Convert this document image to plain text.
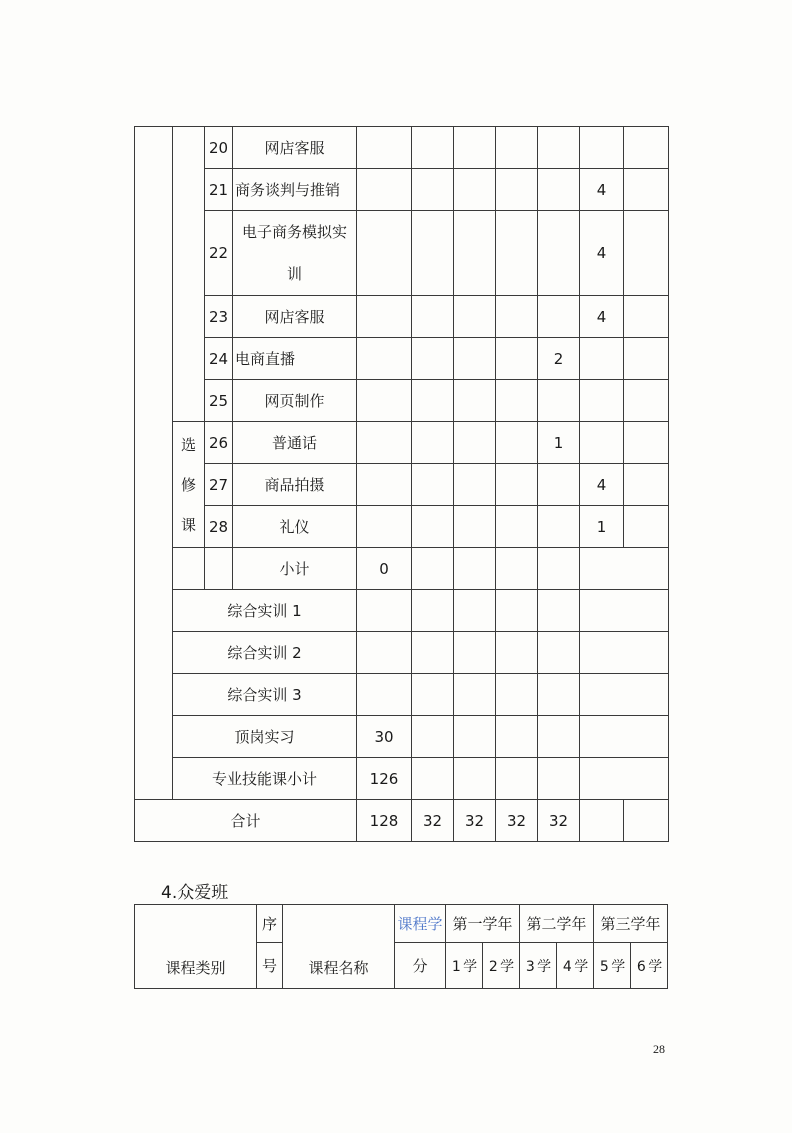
		20	网店客服							
		21	商务谈判与推销						4	
		22	电子商务模拟实
训						4	
		23	网店客服						4	
		24	电商直播					2		
		25	网页制作							

	选
修
课	26	普通话					1		
		27	商品拍摄						4	
		28	礼仪						1	
			小计	0						
	综合实训 1									
	综合实训 2									
	综合实训 3									
	顶岗实习			30						
	专业技能课小计			126						
合计				128	32	32	32	32		
4.众爱班
课程类别	序	课程名称	课程学	第一学年		第二学年		第三学年	
	号		分	1 学	2 学	3 学	4 学	5 学	6 学
28
